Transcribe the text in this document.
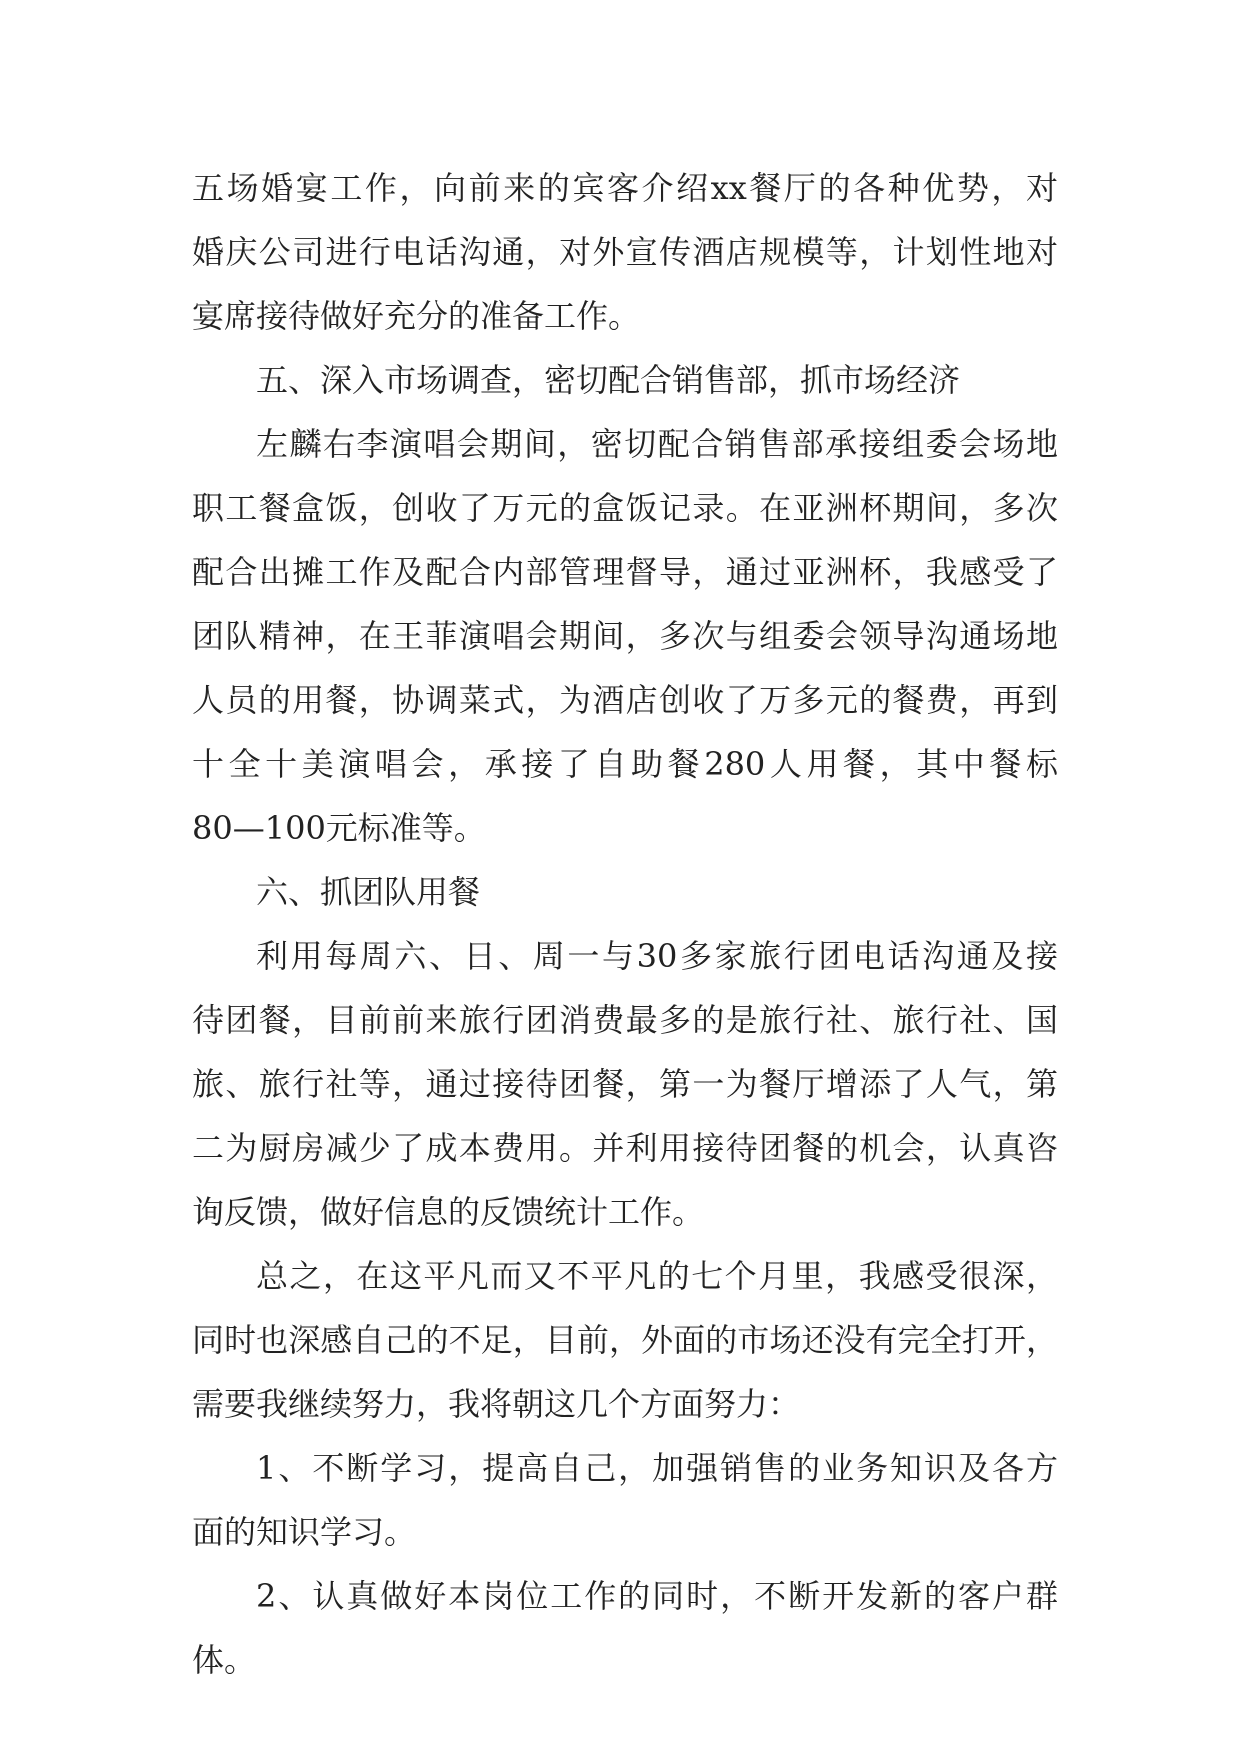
五场婚宴工作，向前来的宾客介绍xx餐厅的各种优势，对
婚庆公司进行电话沟通，对外宣传酒店规模等，计划性地对
宴席接待做好充分的准备工作。
五、深入市场调查，密切配合销售部，抓市场经济
左麟右李演唱会期间，密切配合销售部承接组委会场地
职工餐盒饭，创收了万元的盒饭记录。在亚洲杯期间，多次
配合出摊工作及配合内部管理督导，通过亚洲杯，我感受了
团队精神，在王菲演唱会期间，多次与组委会领导沟通场地
人员的用餐，协调菜式，为酒店创收了万多元的餐费，再到
十全十美演唱会，承接了自助餐280人用餐，其中餐标
80—100元标准等。
六、抓团队用餐
利用每周六、日、周一与30多家旅行团电话沟通及接
待团餐，目前前来旅行团消费最多的是旅行社、旅行社、国
旅、旅行社等，通过接待团餐，第一为餐厅增添了人气，第
二为厨房减少了成本费用。并利用接待团餐的机会，认真咨
询反馈，做好信息的反馈统计工作。
总之，在这平凡而又不平凡的七个月里，我感受很深，
同时也深感自己的不足，目前，外面的市场还没有完全打开，
需要我继续努力，我将朝这几个方面努力：
1、不断学习，提高自己，加强销售的业务知识及各方
面的知识学习。
2、认真做好本岗位工作的同时，不断开发新的客户群
体。
